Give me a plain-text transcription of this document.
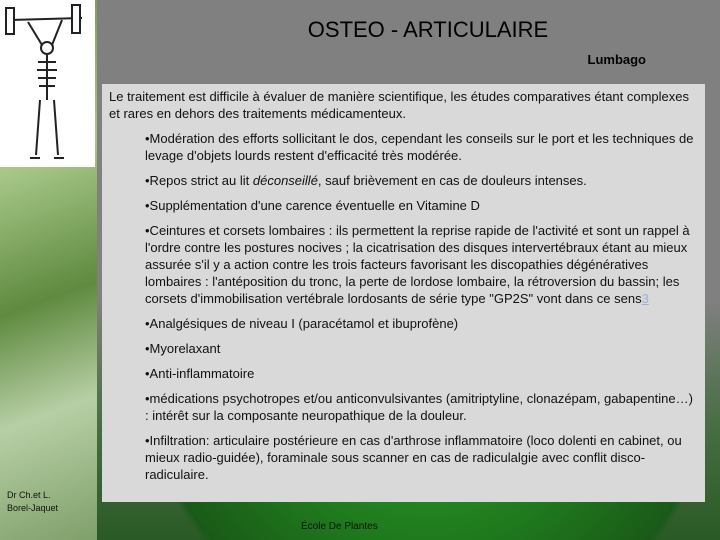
OSTEO - ARTICULAIRE
Lumbago
Le traitement est difficile à évaluer de manière scientifique, les études comparatives étant complexes et rares en dehors des traitements médicamenteux.

•Modération des efforts sollicitant le dos, cependant les conseils sur le port et les techniques de levage d'objets lourds restent d'efficacité très modérée.

•Repos strict au lit déconseillé, sauf brièvement en cas de douleurs intenses.

•Supplémentation d'une carence éventuelle en Vitamine D

•Ceintures et corsets lombaires : ils permettent la reprise rapide de l'activité et sont un rappel à l'ordre contre les postures nocives ; la cicatrisation des disques intervertébraux étant au mieux assurée s'il y a action contre les trois facteurs favorisant les discopathies dégénératives lombaires : l'antéposition du tronc, la perte de lordose lombaire, la rétroversion du bassin; les corsets d'immobilisation vertébrale lordosants de série type "GP2S" vont dans ce sens3

•Analgésiques de niveau I (paracétamol et ibuprofène)

•Myorelaxant

•Anti-inflammatoire

•médications psychotropes et/ou anticonvulsivantes (amitriptyline, clonazépam, gabapentine…) : intérêt sur la composante neuropathique de la douleur.

•Infiltration: articulaire postérieure en cas d'arthrose inflammatoire (loco dolenti en cabinet, ou mieux radio-guidée), foraminale sous scanner en cas de radiculalgie avec conflit disco-radiculaire.

Dr Ch.et L.
Borel-Jaquet
École De Plantes
